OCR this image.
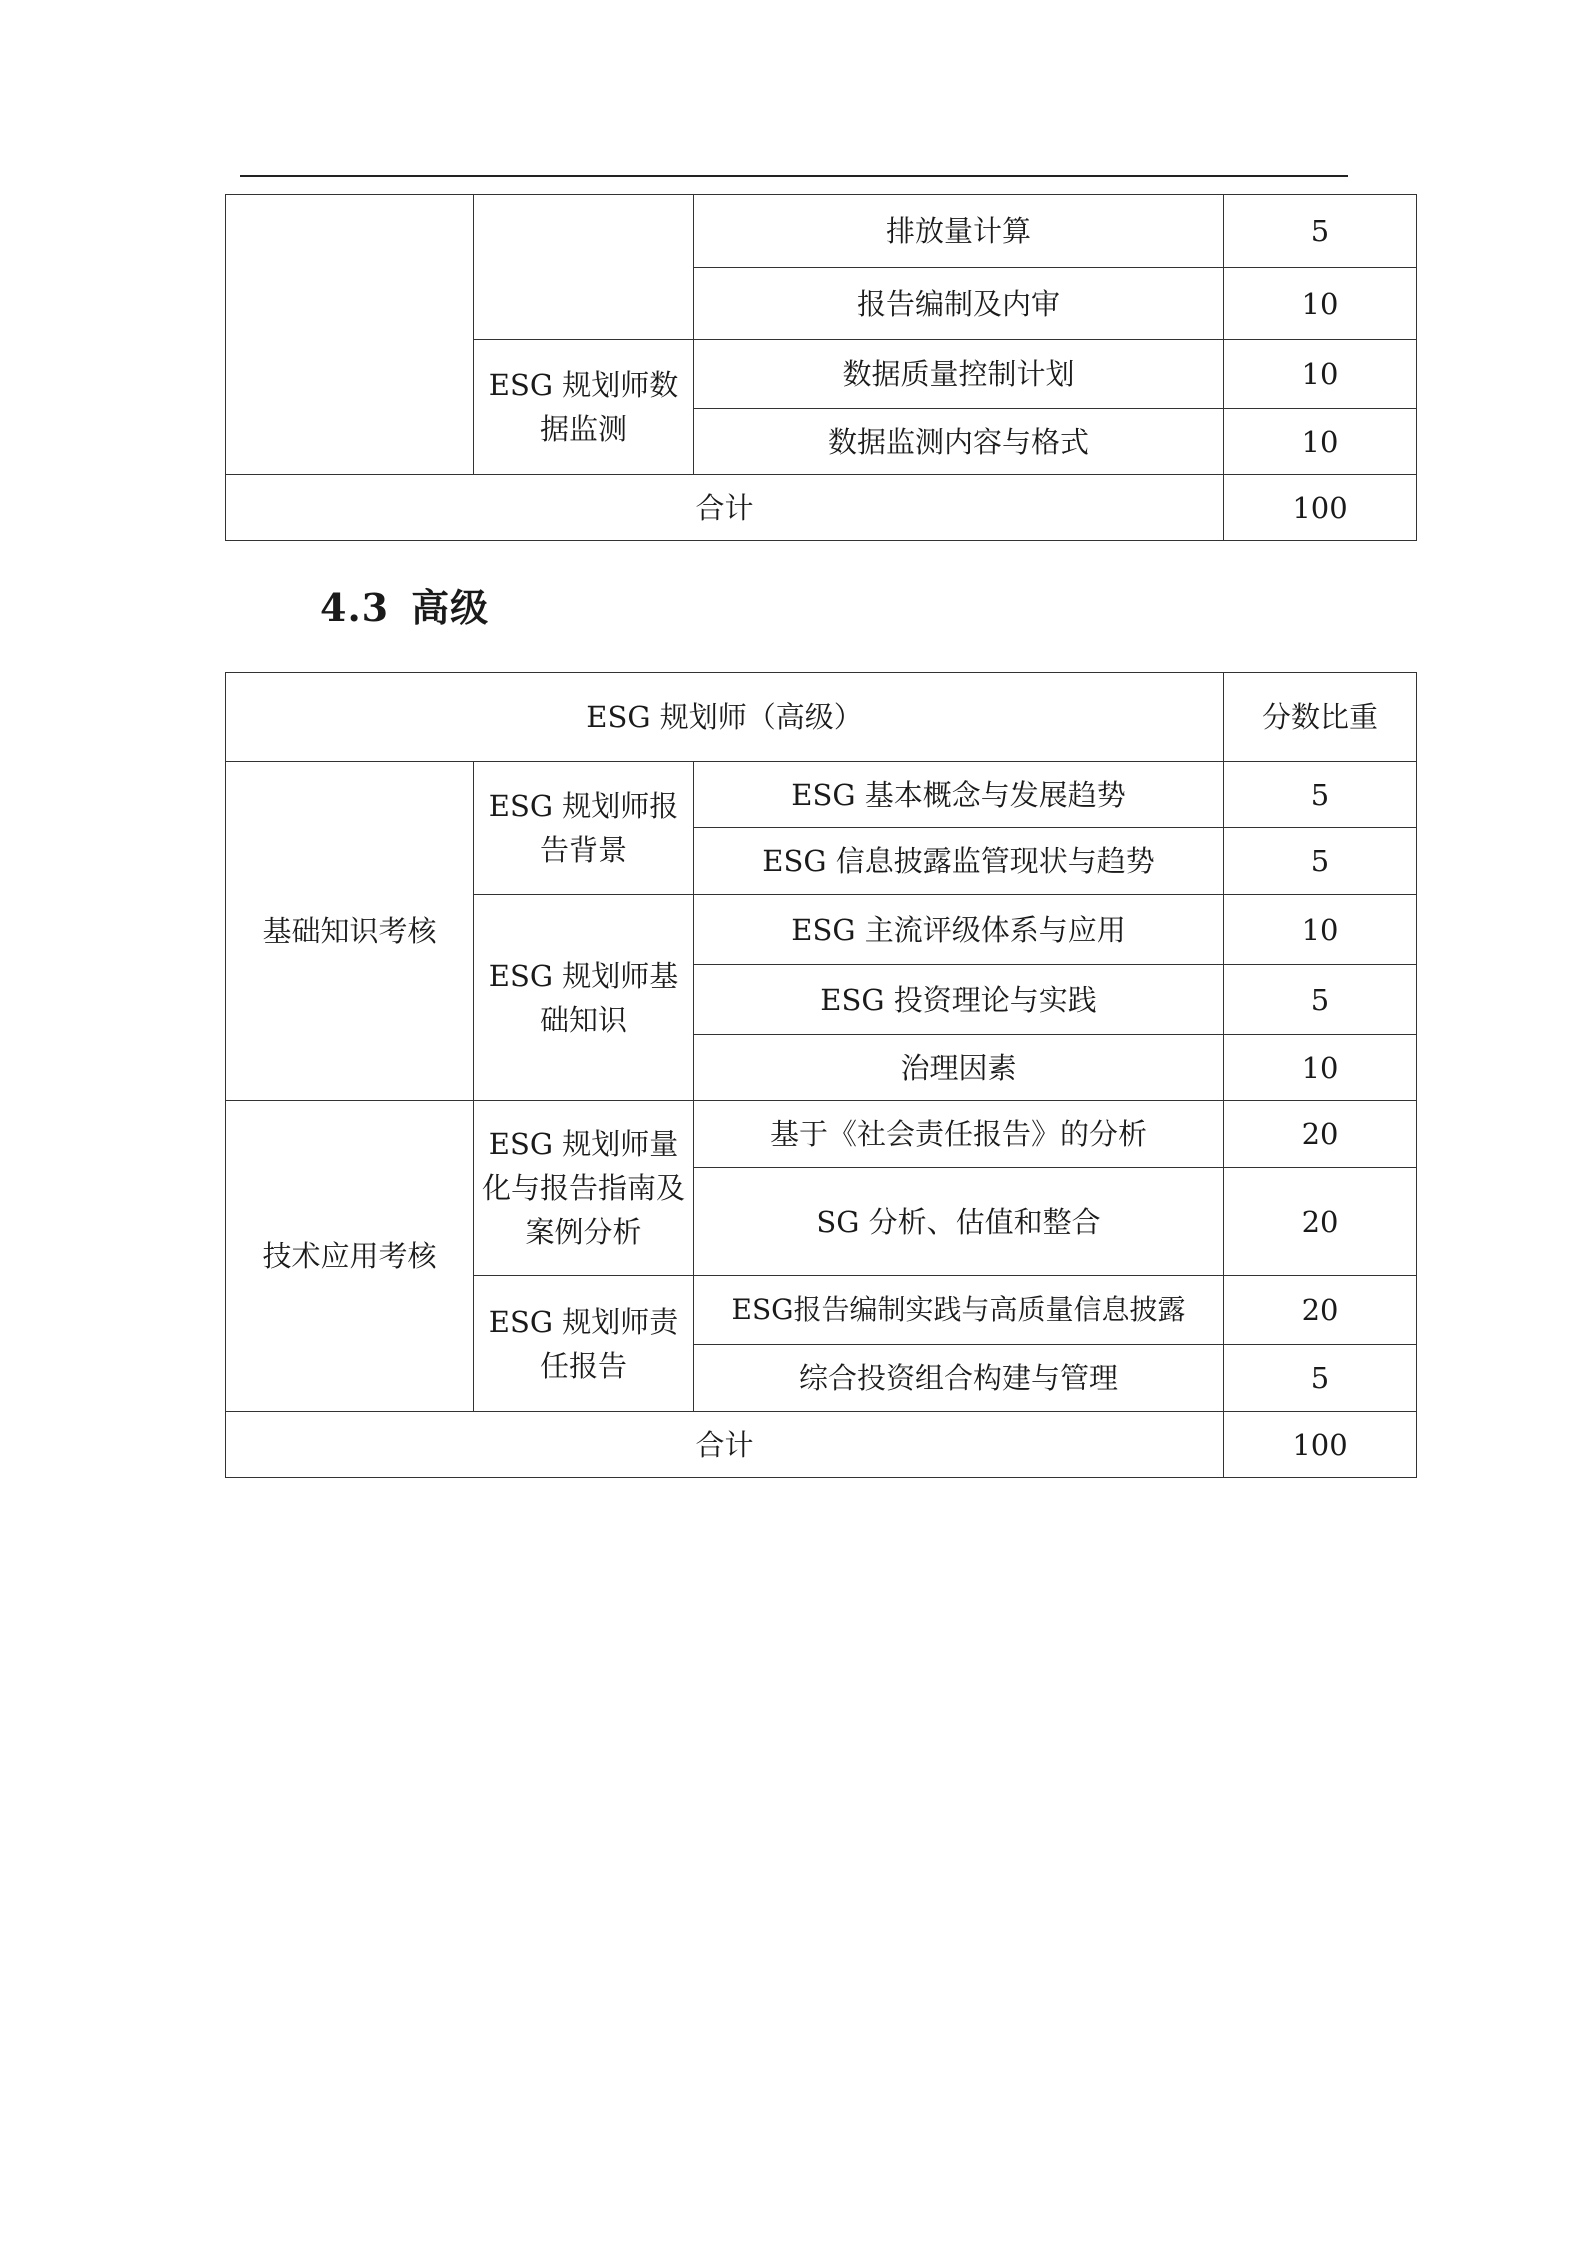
		排放量计算	5
		报告编制及内审	10
	ESG 规划师数据监测	数据质量控制计划	10
		数据监测内容与格式	10
合计			100
4.3 高级
ESG 规划师（高级）			分数比重
基础知识考核	ESG 规划师报告背景	ESG 基本概念与发展趋势	5
		ESG 信息披露监管现状与趋势	5
	ESG 规划师基础知识	ESG 主流评级体系与应用	10
		ESG 投资理论与实践	5
		治理因素	10
技术应用考核	ESG 规划师量化与报告指南及案例分析	基于《社会责任报告》的分析	20
		SG 分析、估值和整合	20
	ESG 规划师责任报告	ESG报告编制实践与高质量信息披露	20
		综合投资组合构建与管理	5
合计			100
